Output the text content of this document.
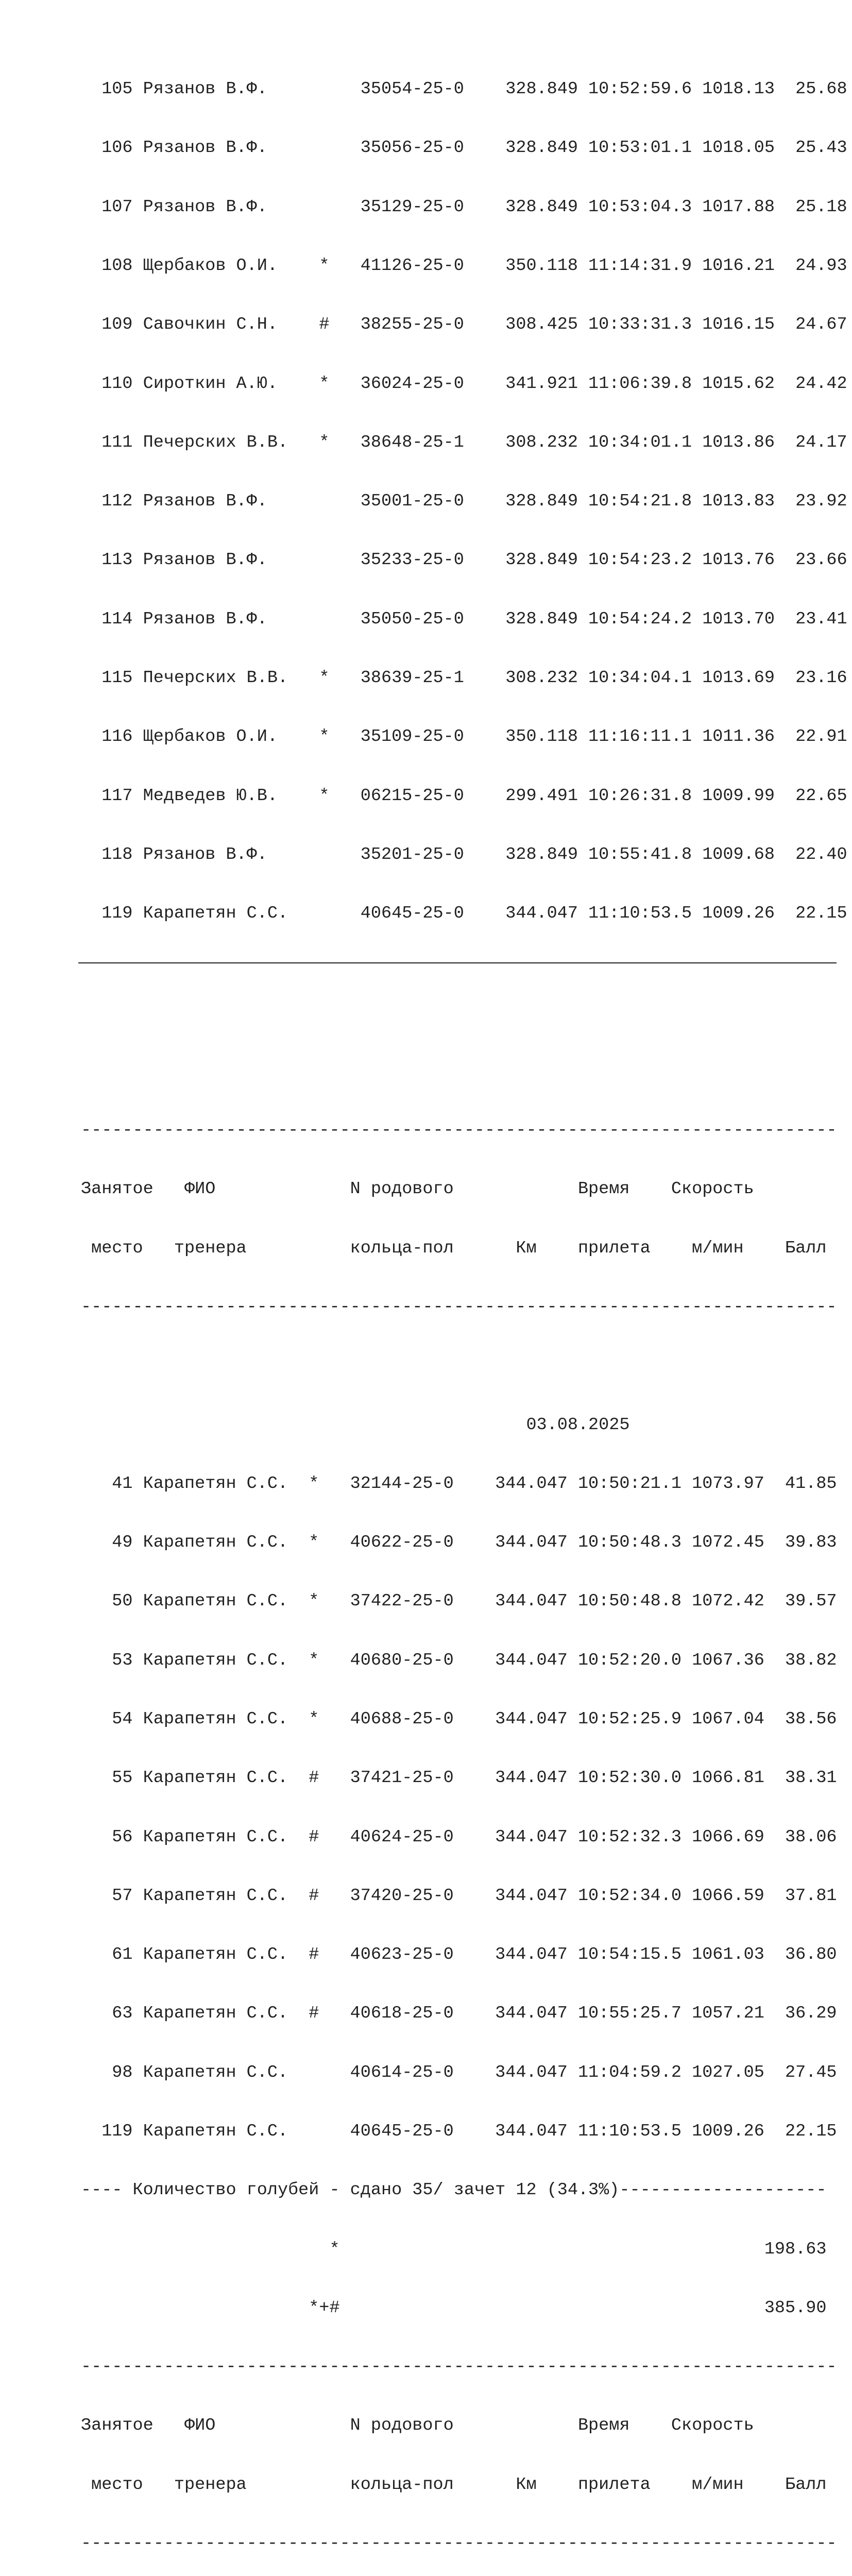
105 Рязанов В.Ф.         35054-25-0    328.849 10:52:59.6 1018.13  25.68

106 Рязанов В.Ф.         35056-25-0    328.849 10:53:01.1 1018.05  25.43

107 Рязанов В.Ф.         35129-25-0    328.849 10:53:04.3 1017.88  25.18

108 Щербаков О.И.    *   41126-25-0    350.118 11:14:31.9 1016.21  24.93

109 Савочкин С.Н.    #   38255-25-0    308.425 10:33:31.3 1016.15  24.67

110 Сироткин А.Ю.    *   36024-25-0    341.921 11:06:39.8 1015.62  24.42

111 Печерских В.В.   *   38648-25-1    308.232 10:34:01.1 1013.86  24.17

112 Рязанов В.Ф.         35001-25-0    328.849 10:54:21.8 1013.83  23.92

113 Рязанов В.Ф.         35233-25-0    328.849 10:54:23.2 1013.76  23.66

114 Рязанов В.Ф.         35050-25-0    328.849 10:54:24.2 1013.70  23.41

115 Печерских В.В.   *   38639-25-1    308.232 10:34:04.1 1013.69  23.16

116 Щербаков О.И.    *   35109-25-0    350.118 11:16:11.1 1011.36  22.91

117 Медведев Ю.В.    *   06215-25-0    299.491 10:26:31.8 1009.99  22.65

118 Рязанов В.Ф.         35201-25-0    328.849 10:55:41.8 1009.68  22.40

119 Карапетян С.С.       40645-25-0    344.047 11:10:53.5 1009.26  22.15

-------------------------------------------------------------------------

Занятое   ФИО             N родового            Время    Скорость

место   тренера          кольца-пол      Км    прилета    м/мин    Балл

-------------------------------------------------------------------------

03.08.2025

41 Карапетян С.С.  *   32144-25-0    344.047 10:50:21.1 1073.97  41.85

49 Карапетян С.С.  *   40622-25-0    344.047 10:50:48.3 1072.45  39.83

50 Карапетян С.С.  *   37422-25-0    344.047 10:50:48.8 1072.42  39.57

53 Карапетян С.С.  *   40680-25-0    344.047 10:52:20.0 1067.36  38.82

54 Карапетян С.С.  *   40688-25-0    344.047 10:52:25.9 1067.04  38.56

55 Карапетян С.С.  #   37421-25-0    344.047 10:52:30.0 1066.81  38.31

56 Карапетян С.С.  #   40624-25-0    344.047 10:52:32.3 1066.69  38.06

57 Карапетян С.С.  #   37420-25-0    344.047 10:52:34.0 1066.59  37.81

61 Карапетян С.С.  #   40623-25-0    344.047 10:54:15.5 1061.03  36.80

63 Карапетян С.С.  #   40618-25-0    344.047 10:55:25.7 1057.21  36.29

98 Карапетян С.С.      40614-25-0    344.047 11:04:59.2 1027.05  27.45

119 Карапетян С.С.      40645-25-0    344.047 11:10:53.5 1009.26  22.15

---- Количество голубей - сдано 35/ зачет 12 (34.3%)--------------------

*                                         198.63

*+#                                         385.90

-------------------------------------------------------------------------

Занятое   ФИО             N родового            Время    Скорость

место   тренера          кольца-пол      Км    прилета    м/мин    Балл

-------------------------------------------------------------------------
